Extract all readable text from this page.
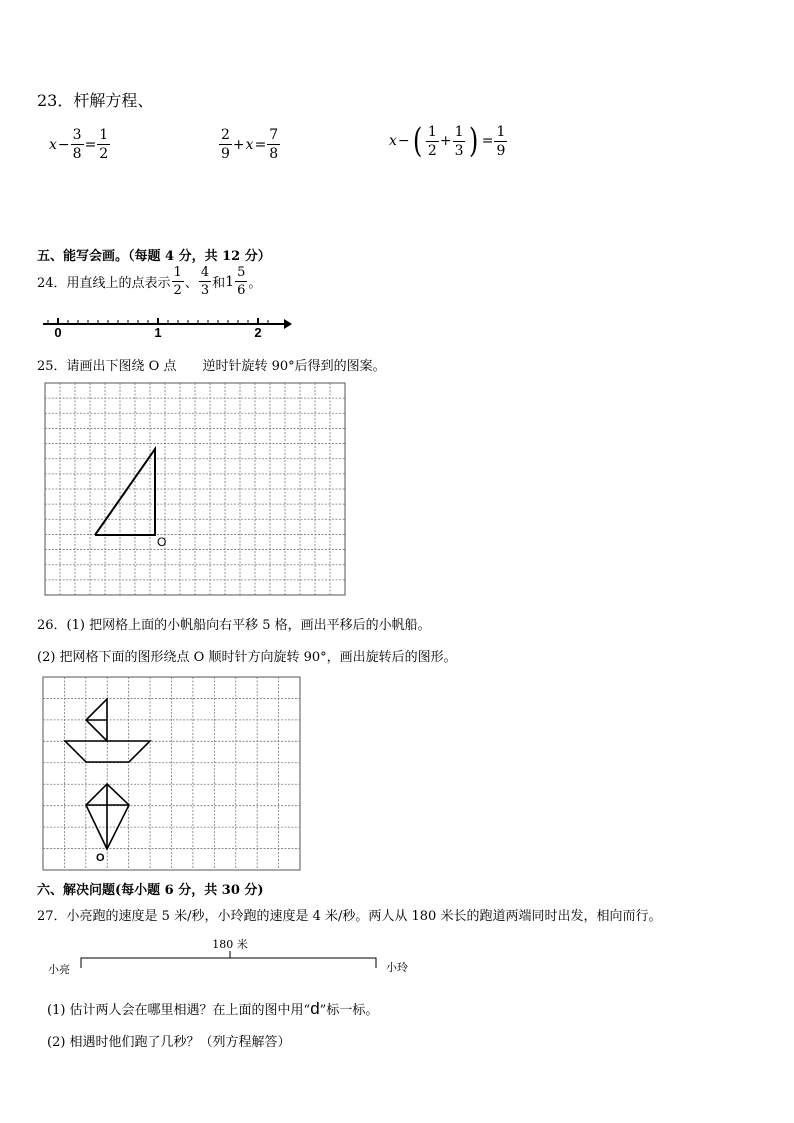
23．杆解方程、
$x - \frac{3}{8} = \frac{1}{2}$	$\frac{2}{9} + x = \frac{7}{8}$	x − ( $\frac{1}{2} + \frac{1}{3}$ ) = $\frac{1}{9}$
五、能写会画。（每题 4 分，共 12 分）
24．用直线上的点表示 $\frac{1}{2}$ 、 $\frac{4}{3}$ 和 $1 \frac{5}{6}$ 。
0	1	2
25．请画出下图绕 O 点　　逆时针旋转 90°后得到的图案。
O
26．(1) 把网格上面的小帆船向右平移 5 格，画出平移后的小帆船。
(2) 把网格下面的图形绕点 O 顺时针方向旋转 90°，画出旋转后的图形。
O
六、解决问题(每小题 6 分，共 30 分)
27．小亮跑的速度是 5 米/秒，小玲跑的速度是 4 米/秒。两人从 180 米长的跑道两端同时出发，相向而行。
180 米
小亮	小玲
(1) 估计两人会在哪里相遇？在上面的图中用“ d ”标一标。
(2) 相遇时他们跑了几秒？（列方程解答）
